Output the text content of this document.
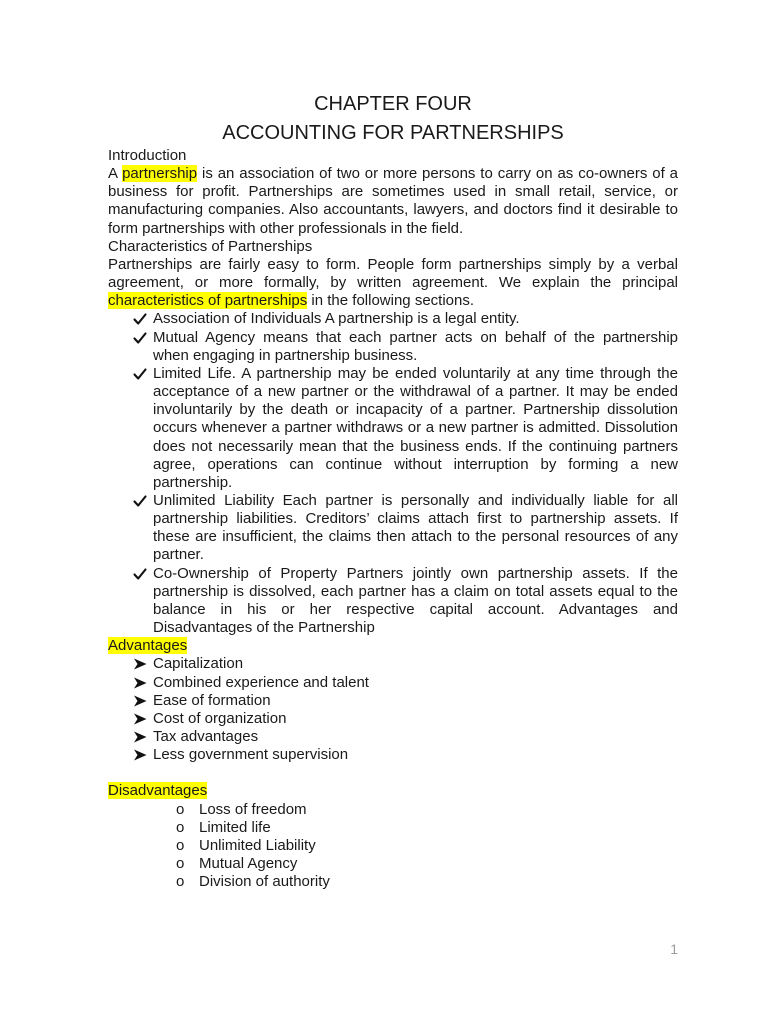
CHAPTER FOUR
ACCOUNTING FOR PARTNERSHIPS
Introduction
A partnership is an association of two or more persons to carry on as co-owners of a
business for profit. Partnerships are sometimes used in small retail, service, or
manufacturing companies. Also accountants, lawyers, and doctors find it desirable to
form partnerships with other professionals in the field.
Characteristics of Partnerships
Partnerships are fairly easy to form. People form partnerships simply by a verbal
agreement, or more formally, by written agreement. We explain the principal
characteristics of partnerships in the following sections.
Association of Individuals A partnership is a legal entity.
Mutual Agency means that each partner acts on behalf of the partnership
when engaging in partnership business.
Limited Life. A partnership may be ended voluntarily at any time through the
acceptance of a new partner or the withdrawal of a partner. It may be ended
involuntarily by the death or incapacity of a partner. Partnership dissolution
occurs whenever a partner withdraws or a new partner is admitted. Dissolution
does not necessarily mean that the business ends. If the continuing partners
agree, operations can continue without interruption by forming a new
partnership.
Unlimited Liability Each partner is personally and individually liable for all
partnership liabilities. Creditors’ claims attach first to partnership assets. If
these are insufficient, the claims then attach to the personal resources of any
partner.
Co-Ownership of Property Partners jointly own partnership assets. If the
partnership is dissolved, each partner has a claim on total assets equal to the
balance in his or her respective capital account. Advantages and
Disadvantages of the Partnership
Advantages
Capitalization
Combined experience and talent
Ease of formation
Cost of organization
Tax advantages
Less government supervision
Disadvantages
o Loss of freedom
o Limited life
o Unlimited Liability
o Mutual Agency
o Division of authority
1
